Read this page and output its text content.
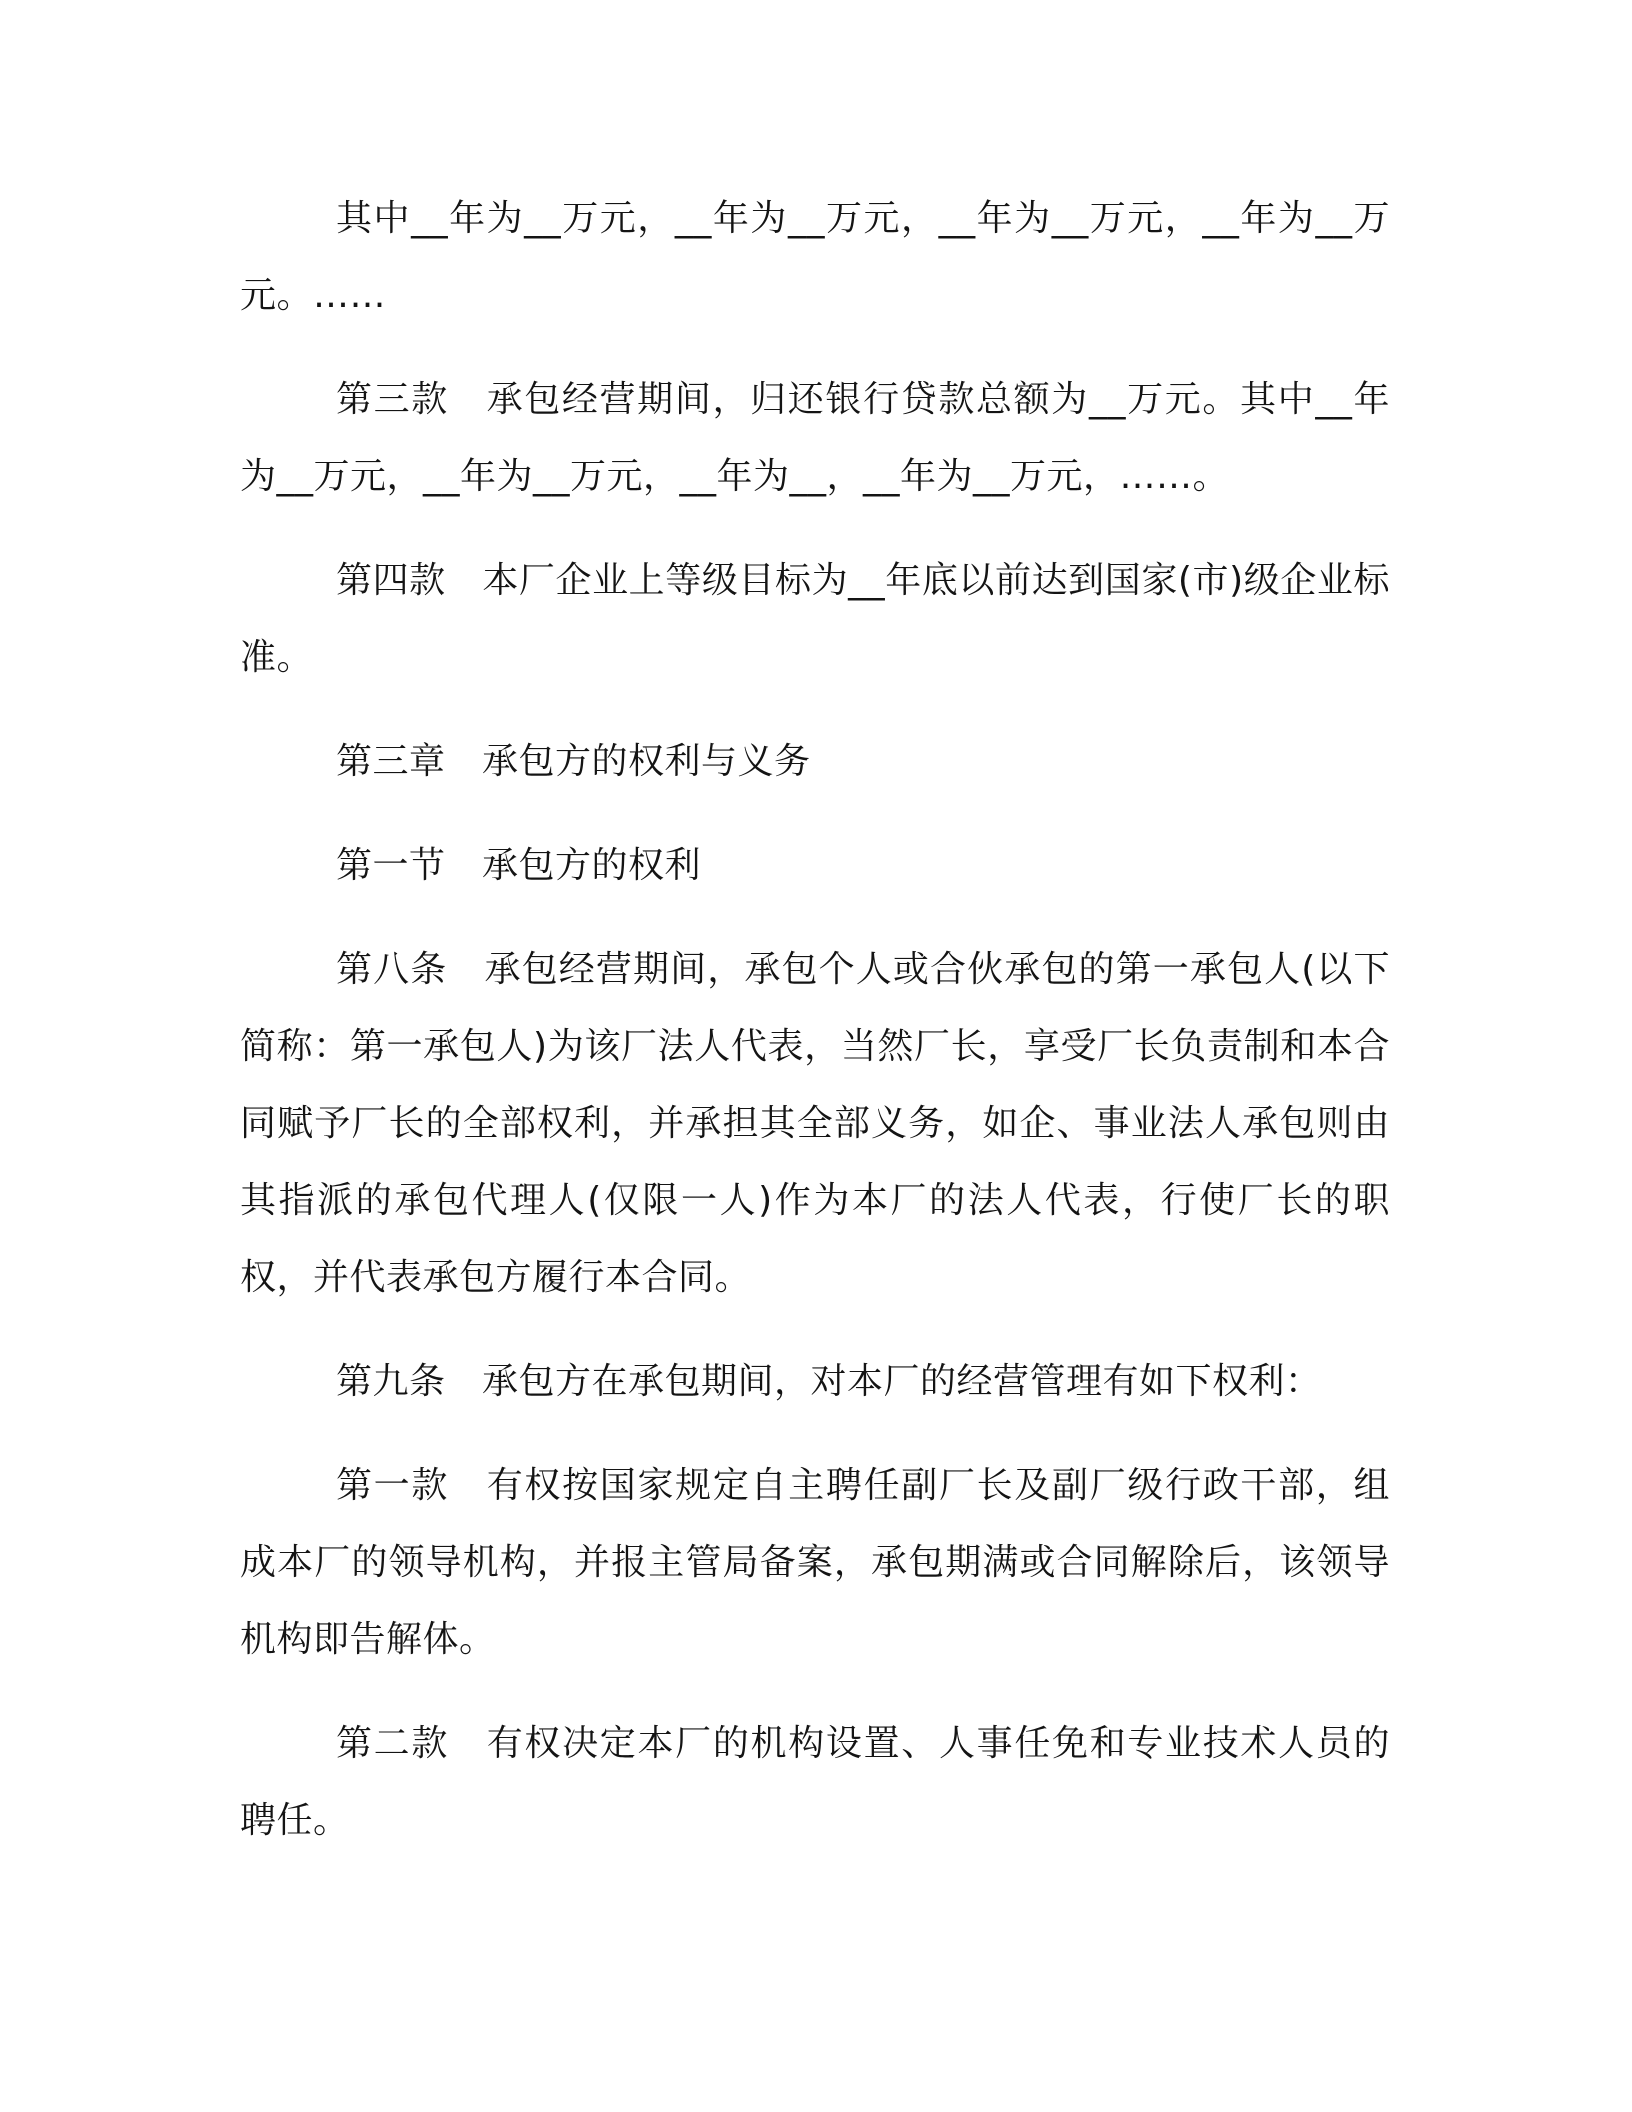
其中__年为__万元，__年为__万元，__年为__万元，__年为__万元。……

第三款　承包经营期间，归还银行贷款总额为__万元。其中__年为__万元，__年为__万元，__年为__，__年为__万元，……。

第四款　本厂企业上等级目标为__年底以前达到国家(市)级企业标准。

第三章　承包方的权利与义务

第一节　承包方的权利

第八条　承包经营期间，承包个人或合伙承包的第一承包人(以下简称：第一承包人)为该厂法人代表，当然厂长，享受厂长负责制和本合同赋予厂长的全部权利，并承担其全部义务，如企、事业法人承包则由其指派的承包代理人(仅限一人)作为本厂的法人代表，行使厂长的职权，并代表承包方履行本合同。

第九条　承包方在承包期间，对本厂的经营管理有如下权利：

第一款　有权按国家规定自主聘任副厂长及副厂级行政干部，组成本厂的领导机构，并报主管局备案，承包期满或合同解除后，该领导机构即告解体。

第二款　有权决定本厂的机构设置、人事任免和专业技术人员的聘任。
